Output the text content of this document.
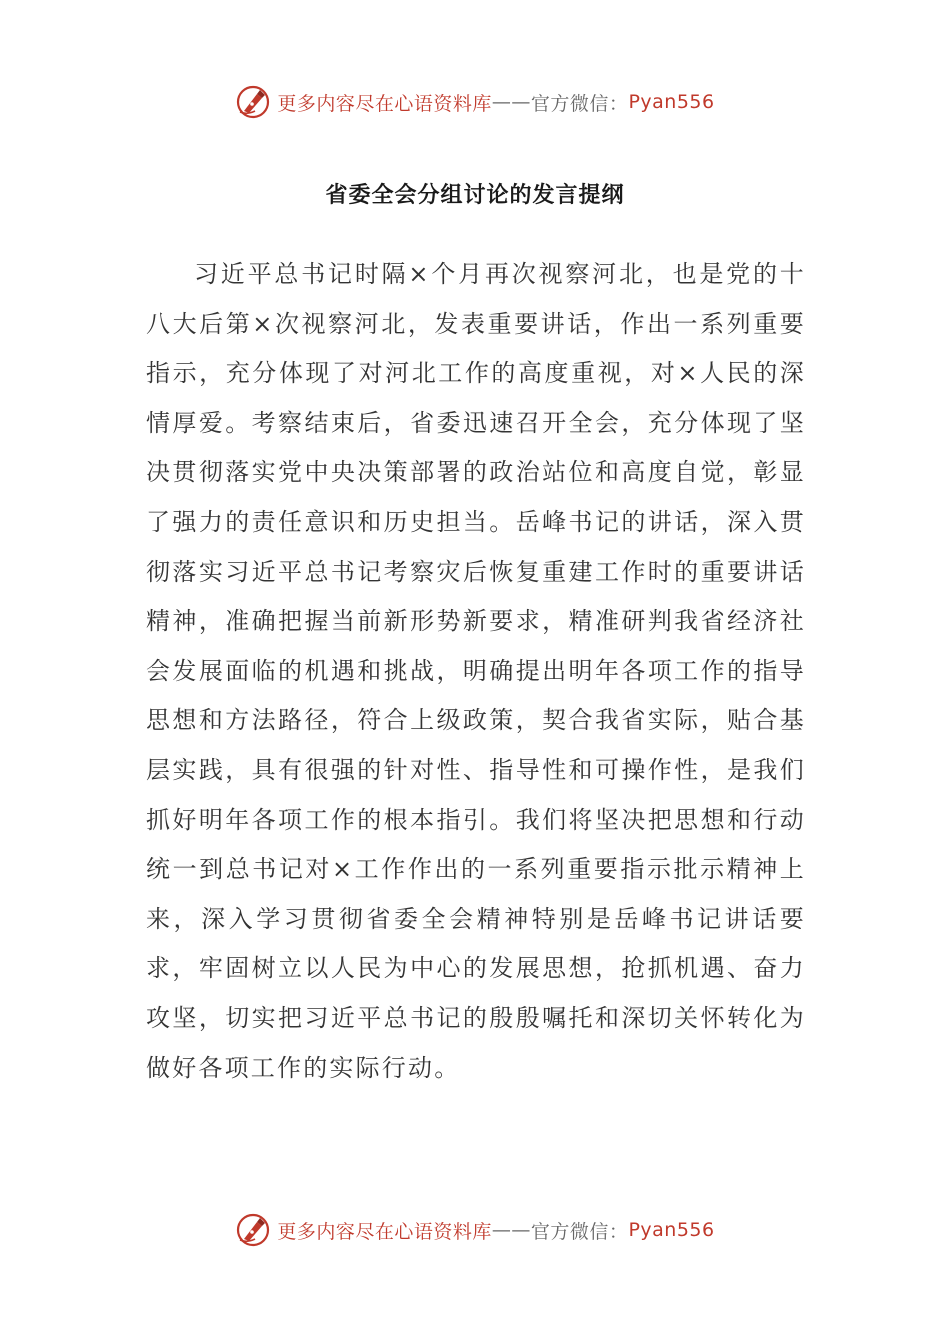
更多内容尽在心语资料库 —— 官方微信： Pyan556
省委全会分组讨论的发言提纲

习近平总书记时隔×个月再次视察河北，也是党的十八大后第×次视察河北，发表重要讲话，作出一系列重要指示，充分体现了对河北工作的高度重视，对×人民的深情厚爱。考察结束后，省委迅速召开全会，充分体现了坚决贯彻落实党中央决策部署的政治站位和高度自觉，彰显了强力的责任意识和历史担当。岳峰书记的讲话，深入贯彻落实习近平总书记考察灾后恢复重建工作时的重要讲话精神，准确把握当前新形势新要求，精准研判我省经济社会发展面临的机遇和挑战，明确提出明年各项工作的指导思想和方法路径，符合上级政策，契合我省实际，贴合基层实践，具有很强的针对性、指导性和可操作性，是我们抓好明年各项工作的根本指引。我们将坚决把思想和行动统一到总书记对×工作作出的一系列重要指示批示精神上来，深入学习贯彻省委全会精神特别是岳峰书记讲话要求，牢固树立以人民为中心的发展思想，抢抓机遇、奋力攻坚，切实把习近平总书记的殷殷嘱托和深切关怀转化为做好各项工作的实际行动。

更多内容尽在心语资料库 —— 官方微信： Pyan556
